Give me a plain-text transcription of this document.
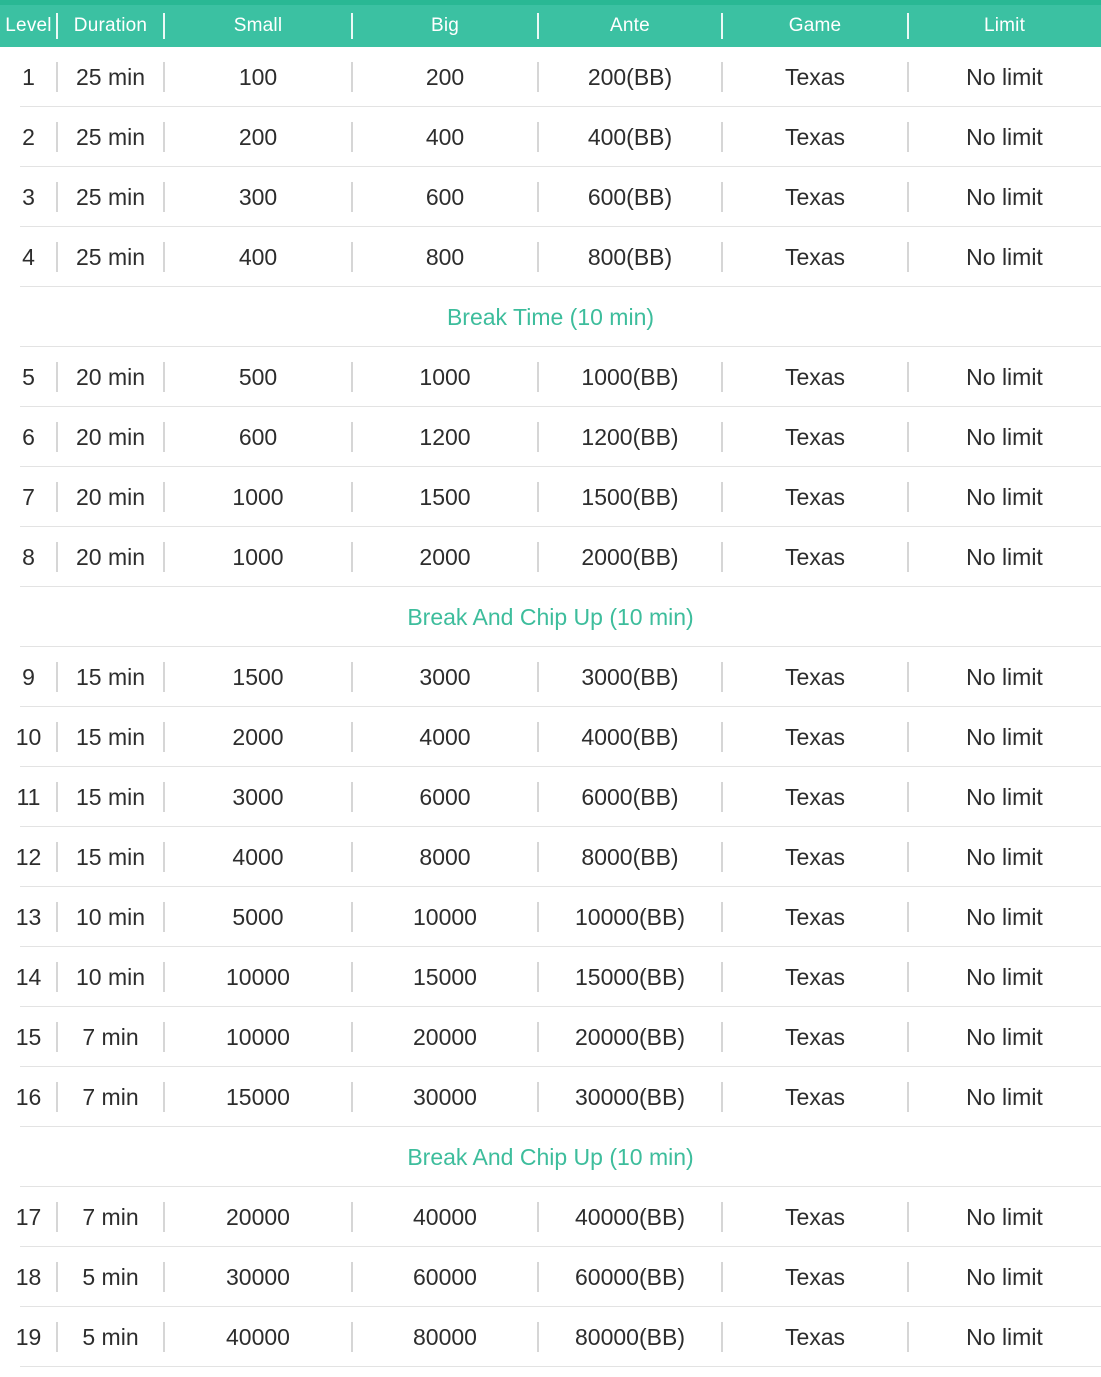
Level	Duration	Small	Big	Ante	Game	Limit
1	25 min	100	200	200(BB)	Texas	No limit
2	25 min	200	400	400(BB)	Texas	No limit
3	25 min	300	600	600(BB)	Texas	No limit
4	25 min	400	800	800(BB)	Texas	No limit
Break Time (10 min)
5	20 min	500	1000	1000(BB)	Texas	No limit
6	20 min	600	1200	1200(BB)	Texas	No limit
7	20 min	1000	1500	1500(BB)	Texas	No limit
8	20 min	1000	2000	2000(BB)	Texas	No limit
Break And Chip Up (10 min)
9	15 min	1500	3000	3000(BB)	Texas	No limit
10	15 min	2000	4000	4000(BB)	Texas	No limit
11	15 min	3000	6000	6000(BB)	Texas	No limit
12	15 min	4000	8000	8000(BB)	Texas	No limit
13	10 min	5000	10000	10000(BB)	Texas	No limit
14	10 min	10000	15000	15000(BB)	Texas	No limit
15	7 min	10000	20000	20000(BB)	Texas	No limit
16	7 min	15000	30000	30000(BB)	Texas	No limit
Break And Chip Up (10 min)
17	7 min	20000	40000	40000(BB)	Texas	No limit
18	5 min	30000	60000	60000(BB)	Texas	No limit
19	5 min	40000	80000	80000(BB)	Texas	No limit
